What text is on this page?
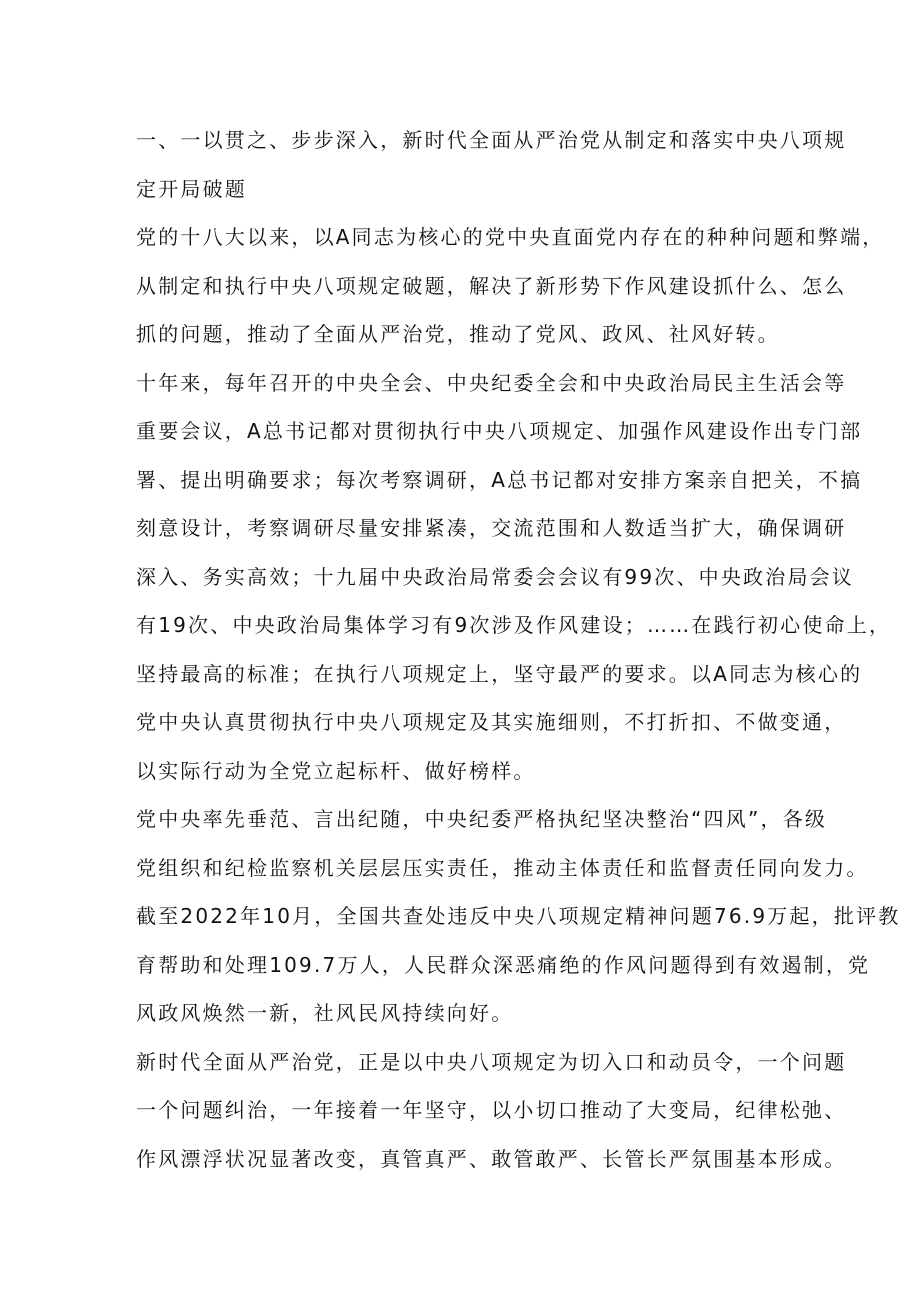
一、一以贯之、步步深入，新时代全面从严治党从制定和落实中央八项规
定开局破题
党的十八大以来，以A同志为核心的党中央直面党内存在的种种问题和弊端，
从制定和执行中央八项规定破题，解决了新形势下作风建设抓什么、怎么
抓的问题，推动了全面从严治党，推动了党风、政风、社风好转。
十年来，每年召开的中央全会、中央纪委全会和中央政治局民主生活会等
重要会议，A总书记都对贯彻执行中央八项规定、加强作风建设作出专门部
署、提出明确要求；每次考察调研，A总书记都对安排方案亲自把关，不搞
刻意设计，考察调研尽量安排紧凑，交流范围和人数适当扩大，确保调研
深入、务实高效；十九届中央政治局常委会会议有99次、中央政治局会议
有19次、中央政治局集体学习有9次涉及作风建设；……在践行初心使命上，
坚持最高的标准；在执行八项规定上，坚守最严的要求。以A同志为核心的
党中央认真贯彻执行中央八项规定及其实施细则，不打折扣、不做变通，
以实际行动为全党立起标杆、做好榜样。
党中央率先垂范、言出纪随，中央纪委严格执纪坚决整治“四风”，各级
党组织和纪检监察机关层层压实责任，推动主体责任和监督责任同向发力。
截至2022年10月，全国共查处违反中央八项规定精神问题76.9万起，批评教
育帮助和处理109.7万人，人民群众深恶痛绝的作风问题得到有效遏制，党
风政风焕然一新，社风民风持续向好。
新时代全面从严治党，正是以中央八项规定为切入口和动员令，一个问题
一个问题纠治，一年接着一年坚守，以小切口推动了大变局，纪律松弛、
作风漂浮状况显著改变，真管真严、敢管敢严、长管长严氛围基本形成。
